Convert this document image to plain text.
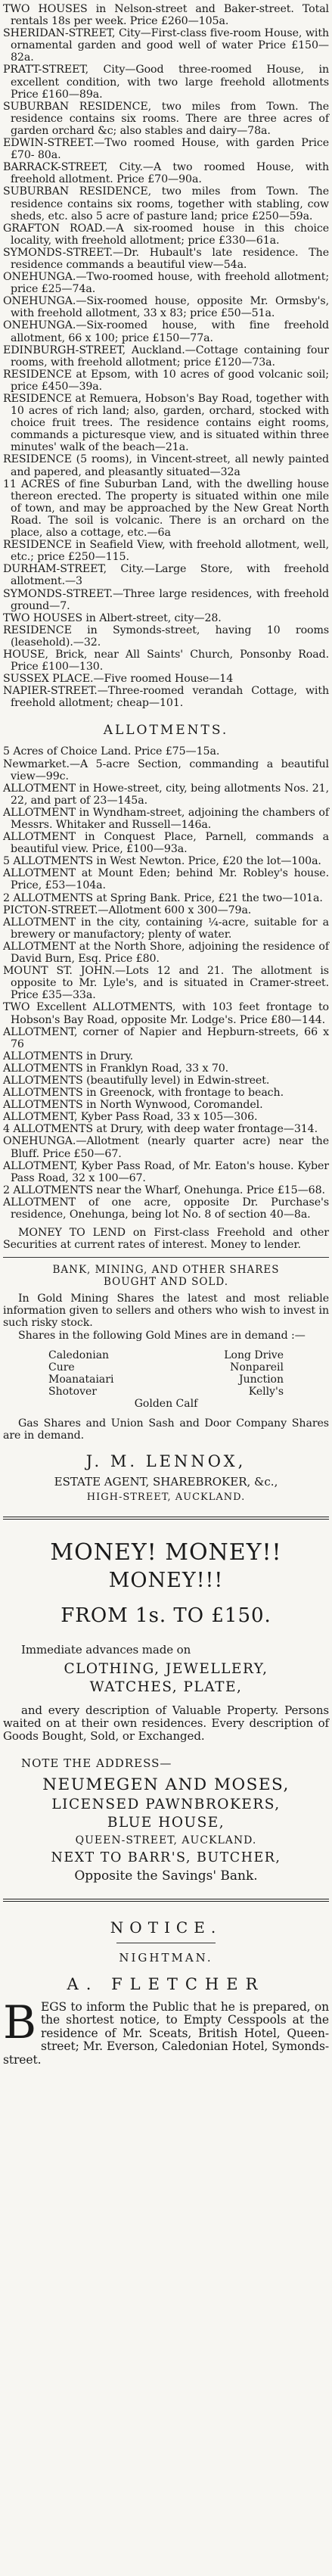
TWO HOUSES in Nelson-street and Baker-street. Total rentals 18s per week. Price £260—105a.

SHERIDAN-STREET, City—First-class five-room House, with ornamental garden and good well of water Price £150—82a.

PRATT-STREET, City—Good three-roomed House, in excellent condition, with two large freehold allotments Price £160—89a.

SUBURBAN RESIDENCE, two miles from Town. The residence contains six rooms. There are three acres of garden orchard &c; also stables and dairy—78a.

EDWIN-STREET.—Two roomed House, with garden Price £70- 80a.

BARRACK-STREET, City.—A two roomed House, with freehold allotment. Price £70—90a.

SUBURBAN RESIDENCE, two miles from Town. The residence contains six rooms, together with stabling, cow sheds, etc. also 5 acre of pasture land; price £250—59a.

GRAFTON ROAD.—A six-roomed house in this choice locality, with freehold allotment; price £330—61a.

SYMONDS-STREET.—Dr. Hubault's late residence. The residence commands a beautiful view—54a.

ONEHUNGA.—Two-roomed house, with freehold allotment; price £25—74a.

ONEHUNGA.—Six-roomed house, opposite Mr. Ormsby's, with freehold allotment, 33 x 83; price £50—51a.

ONEHUNGA.—Six-roomed house, with fine freehold allotment, 66 x 100; price £150—77a.

EDINBURGH-STREET, Auckland.—Cottage containing four rooms, with freehold allotment; price £120—73a.

RESIDENCE at Epsom, with 10 acres of good volcanic soil; price £450—39a.

RESIDENCE at Remuera, Hobson's Bay Road, together with 10 acres of rich land; also, garden, orchard, stocked with choice fruit trees. The residence contains eight rooms, commands a picturesque view, and is situated within three minutes' walk of the beach—21a.

RESIDENCE (5 rooms), in Vincent-street, all newly painted and papered, and pleasantly situated—32a

11 ACRES of fine Suburban Land, with the dwelling house thereon erected. The property is situated within one mile of town, and may be approached by the New Great North Road. The soil is volcanic. There is an orchard on the place, also a cottage, etc.—6a

RESIDENCE in Seafield View, with freehold allotment, well, etc.; price £250—115.

DURHAM-STREET, City.—Large Store, with freehold allotment.—3

SYMONDS-STREET.—Three large residences, with freehold ground—7.

TWO HOUSES in Albert-street, city—28.

RESIDENCE in Symonds-street, having 10 rooms (leasehold).—32.

HOUSE, Brick, near All Saints' Church, Ponsonby Road. Price £100—130.

SUSSEX PLACE.—Five roomed House—14

NAPIER-STREET.—Three-roomed verandah Cottage, with freehold allotment; cheap—101.

ALLOTMENTS.

5 Acres of Choice Land. Price £75—15a.

Newmarket.—A 5-acre Section, commanding a beautiful view—99c.

ALLOTMENT in Howe-street, city, being allotments Nos. 21, 22, and part of 23—145a.

ALLOTMENT in Wyndham-street, adjoining the chambers of Messrs. Whitaker and Russell—146a.

ALLOTMENT in Conquest Place, Parnell, commands a beautiful view. Price, £100—93a.

5 ALLOTMENTS in West Newton. Price, £20 the lot—100a.

ALLOTMENT at Mount Eden; behind Mr. Robley's house. Price, £53—104a.

2 ALLOTMENTS at Spring Bank. Price, £21 the two—101a.

PICTON-STREET.—Allotment 600 x 300—79a.

ALLOTMENT in the city, containing ¼-acre, suitable for a brewery or manufactory; plenty of water.

ALLOTMENT at the North Shore, adjoining the residence of David Burn, Esq. Price £80.

MOUNT ST. JOHN.—Lots 12 and 21. The allotment is opposite to Mr. Lyle's, and is situated in Cramer-street. Price £35—33a.

TWO Excellent ALLOTMENTS, with 103 feet frontage to Hobson's Bay Road, opposite Mr. Lodge's. Price £80—144.

ALLOTMENT, corner of Napier and Hepburn-streets, 66 x 76

ALLOTMENTS in Drury.

ALLOTMENTS in Franklyn Road, 33 x 70.

ALLOTMENTS (beautifully level) in Edwin-street.

ALLOTMENTS in Greenock, with frontage to beach.

ALLOTMENTS in North Wynwood, Coromandel.

ALLOTMENT, Kyber Pass Road, 33 x 105—306.

4 ALLOTMENTS at Drury, with deep water frontage—314.

ONEHUNGA.—Allotment (nearly quarter acre) near the Bluff. Price £50—67.

ALLOTMENT, Kyber Pass Road, of Mr. Eaton's house. Kyber Pass Road, 32 x 100—67.

2 ALLOTMENTS near the Wharf, Onehunga. Price £15—68.

ALLOTMENT of one acre, opposite Dr. Purchase's residence, Onehunga, being lot No. 8 of section 40—8a.

MONEY TO LEND on First-class Freehold and other Securities at current rates of interest. Money to lender.

BANK, MINING, AND OTHER SHARES BOUGHT AND SOLD.

In Gold Mining Shares the latest and most reliable information given to sellers and others who wish to invest in such risky stock.

Shares in the following Gold Mines are in demand :—

Caledonian	Long Drive
Cure	Nonpareil
Moanataiari	Junction
Shotover	Kelly's
Golden Calf

Gas Shares and Union Sash and Door Company Shares are in demand.

J. M. LENNOX,
ESTATE AGENT, SHAREBROKER, &c.,
HIGH-STREET, AUCKLAND.
MONEY! MONEY!!
MONEY!!!
FROM 1s. TO £150.

Immediate advances made on

CLOTHING, JEWELLERY,
WATCHES, PLATE,

and every description of Valuable Property. Persons waited on at their own residences. Every description of Goods Bought, Sold, or Exchanged.

NOTE THE ADDRESS—
NEUMEGEN AND MOSES,
LICENSED PAWNBROKERS,
BLUE HOUSE,
QUEEN-STREET, AUCKLAND.
NEXT TO BARR'S, BUTCHER,
Opposite the Savings' Bank.
NOTICE.
NIGHTMAN.
A. FLETCHER
B EGS to inform the Public that he is prepared, on the shortest notice, to Empty Cesspools at the residence of Mr. Sceats, British Hotel, Queen-street; Mr. Everson, Caledonian Hotel, Symonds-street.
